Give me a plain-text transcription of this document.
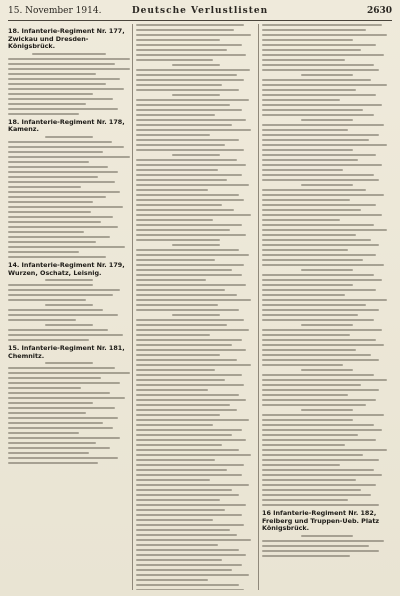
15. November 1914.	Deutsche Verlustlisten	2630
18. Infanterie-Regiment Nr. 177, Zwickau und Dresden-Königsbrück.
18. Infanterie-Regiment Nr. 178, Kamenz.
14. Infanterie-Regiment Nr. 179, Wurzen, Oschatz, Leisnig.
15. Infanterie-Regiment Nr. 181, Chemnitz.
16 Infanterie-Regiment Nr. 182, Freiberg und Truppen-Ueb. Platz Königsbrück.
